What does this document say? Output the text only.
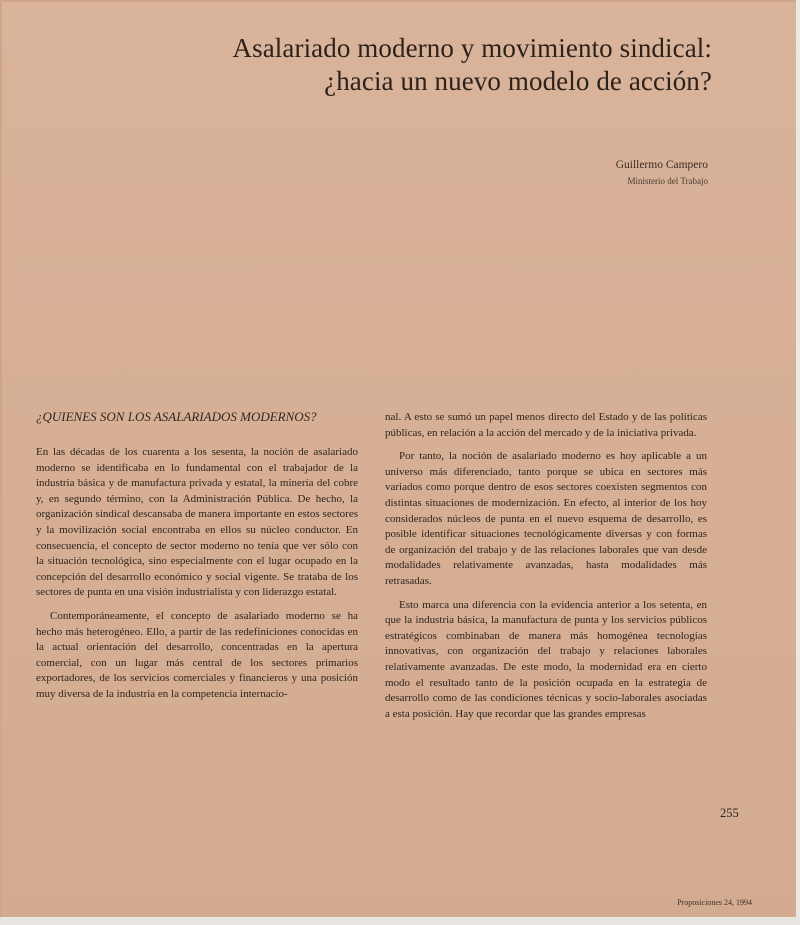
Asalariado moderno y movimiento sindical:
¿hacia un nuevo modelo de acción?
Guillermo Campero
Ministerio del Trabajo
¿QUIENES SON LOS ASALARIADOS MODERNOS?

En las décadas de los cuarenta a los sesenta, la noción de asalariado moderno se identificaba en lo fundamental con el trabajador de la industria básica y de manufactura privada y estatal, la minería del cobre y, en segundo término, con la Administración Pública. De hecho, la organización sindical descansaba de manera importante en estos sectores y la movilización social encontraba en ellos su núcleo conductor. En consecuencia, el concepto de sector moderno no tenía que ver sólo con la situación tecnológica, sino especialmente con el lugar ocupado en la concepción del desarrollo económico y social vigente. Se trataba de los sectores de punta en una visión industrialista y con liderazgo estatal.

Contemporáneamente, el concepto de asalariado moderno se ha hecho más heterogéneo. Ello, a partir de las redefiniciones conocidas en la actual orientación del desarrollo, concentradas en la apertura comercial, con un lugar más central de los sectores primarios exportadores, de los servicios comerciales y financieros y una posición muy diversa de la industria en la competencia internacio-

nal. A esto se sumó un papel menos directo del Estado y de las políticas públicas, en relación a la acción del mercado y de la iniciativa privada.

Por tanto, la noción de asalariado moderno es hoy aplicable a un universo más diferenciado, tanto porque se ubica en sectores más variados como porque dentro de esos sectores coexisten segmentos con distintas situaciones de modernización. En efecto, al interior de los hoy considerados núcleos de punta en el nuevo esquema de desarrollo, es posible identificar situaciones tecnológicamente diversas y con formas de organización del trabajo y de las relaciones laborales que van desde modalidades relativamente avanzadas, hasta modalidades más retrasadas.

Esto marca una diferencia con la evidencia anterior a los setenta, en que la industria básica, la manufactura de punta y los servicios públicos estratégicos combinaban de manera más homogénea tecnologías innovativas, con organización del trabajo y relaciones laborales relativamente avanzadas. De este modo, la modernidad era en cierto modo el resultado tanto de la posición ocupada en la estrategia de desarrollo como de las condiciones técnicas y socio-laborales asociadas a esta posición. Hay que recordar que las grandes empresas

255
Proposiciones 24, 1994
